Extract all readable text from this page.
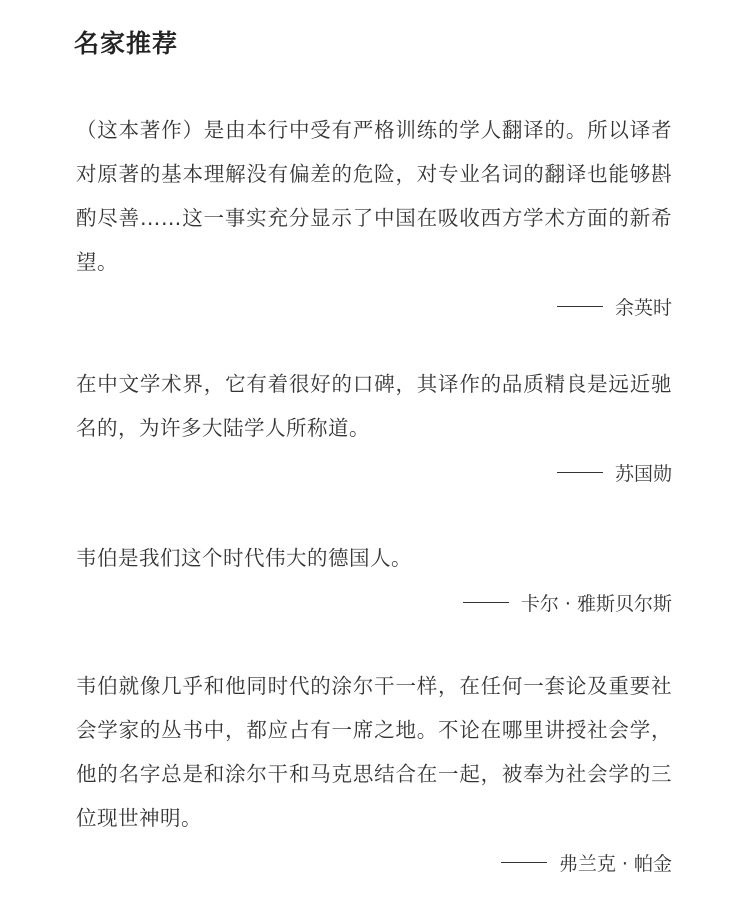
名家推荐

（这本著作）是由本行中受有严格训练的学人翻译的。所以译者对原著的基本理解没有偏差的危险，对专业名词的翻译也能够斟酌尽善……这一事实充分显示了中国在吸收西方学术方面的新希望。

余英时

在中文学术界，它有着很好的口碑，其译作的品质精良是远近驰名的，为许多大陆学人所称道。

苏国勋

韦伯是我们这个时代伟大的德国人。

卡尔 · 雅斯贝尔斯

韦伯就像几乎和他同时代的涂尔干一样，在任何一套论及重要社会学家的丛书中，都应占有一席之地。不论在哪里讲授社会学，他的名字总是和涂尔干和马克思结合在一起，被奉为社会学的三位现世神明。

弗兰克 · 帕金
